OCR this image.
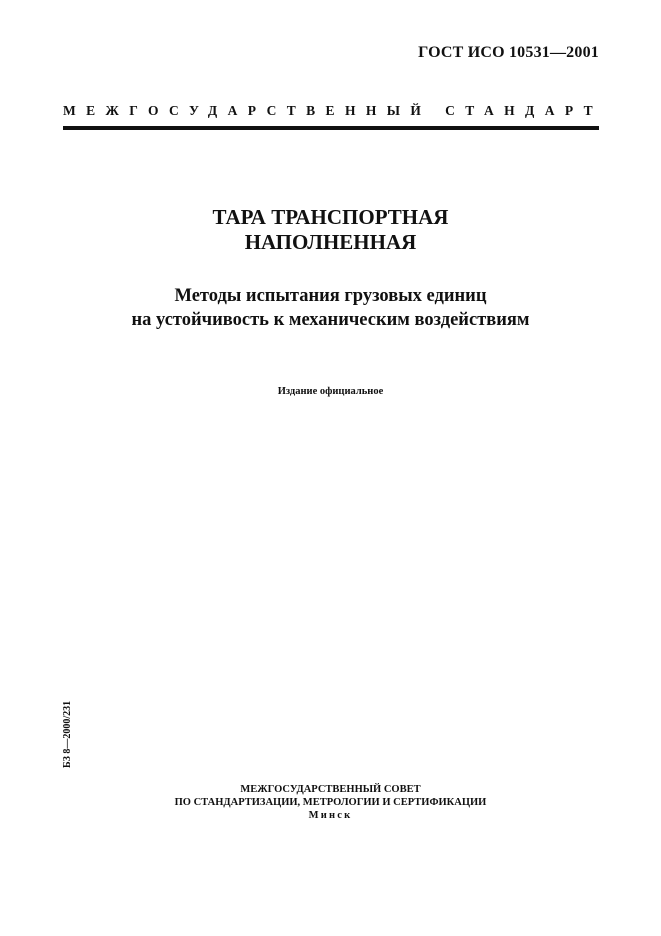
ГОСТ ИСО 10531—2001
МЕЖГОСУДАРСТВЕННЫЙ СТАНДАРТ
ТАРА ТРАНСПОРТНАЯ
НАПОЛНЕННАЯ
Методы испытания грузовых единиц
на устойчивость к механическим воздействиям
Издание официальное
БЗ 8—2000/231
МЕЖГОСУДАРСТВЕННЫЙ СОВЕТ
ПО СТАНДАРТИЗАЦИИ, МЕТРОЛОГИИ И СЕРТИФИКАЦИИ
Минск
